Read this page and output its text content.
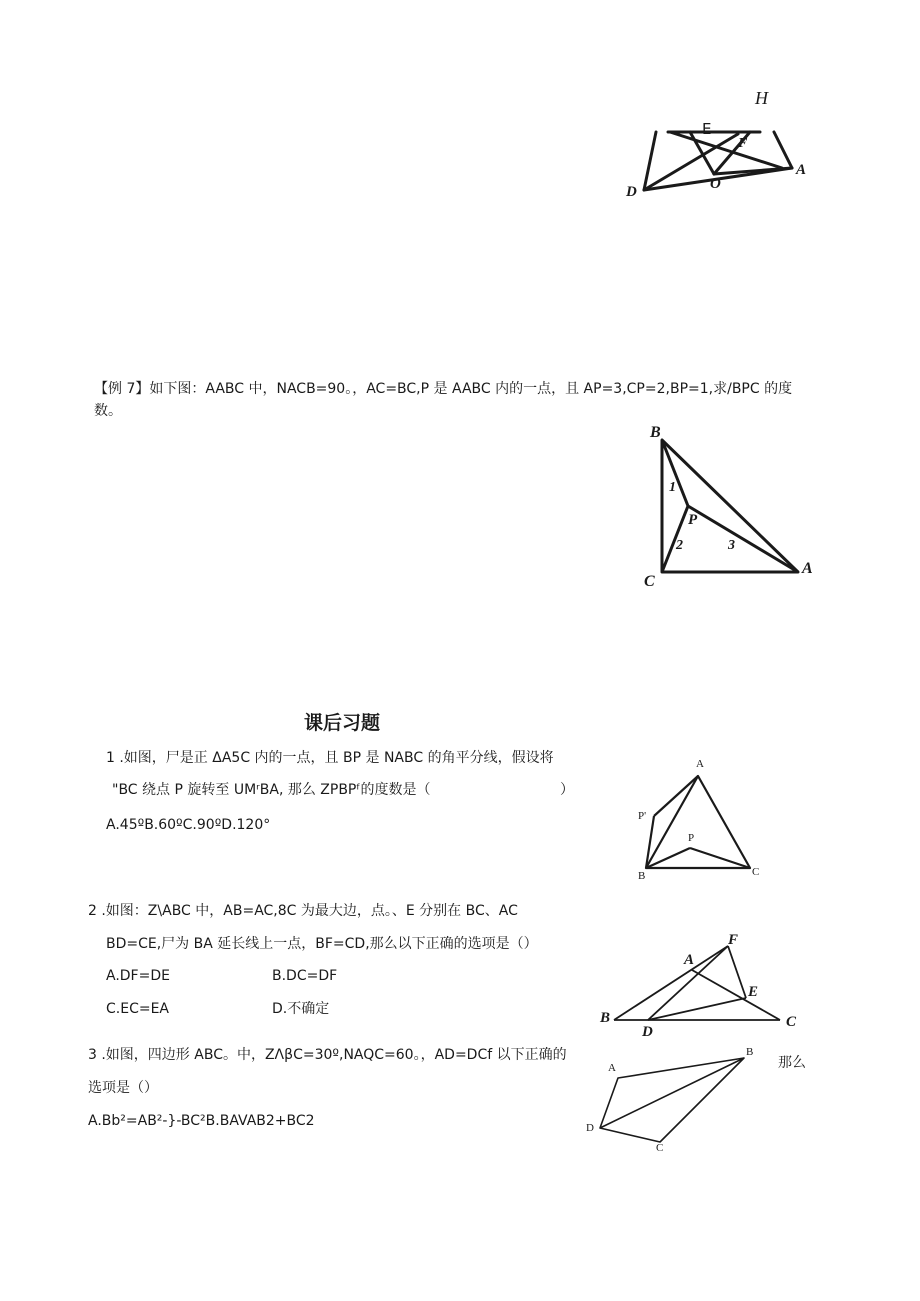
H
E
F
D	O
A
【例 7】如下图：AABC 中，NACB=90。，AC=BC,P 是 AABC 内的一点，且 AP=3,CP=2,BP=1,求/BPC 的度
数。
B
C
A
P
1
2	3
课后习题
1 .如图，尸是正 ΔA5C 内的一点，且 BP 是 NABC 的角平分线，假设将
"BC 绕点 P 旋转至 UMʳBA, 那么 ZPBPᶠ的度数是（	）
A.45ºB.60ºC.90ºD.120°
A
P'
P
B	C
2 .如图：Z\ABC 中，AB=AC,8C 为最大边，点。、E 分别在 BC、AC
BD=CE,尸为 BA 延长线上一点，BF=CD,那么以下正确的选项是（）
A.DF=DE	B.DC=DF
C.EC=EA	D.不确定
F
A
E
B
D
C
3 .如图，四边形 ABC。中，ZΛβC=30º,NAQC=60。，AD=DCf 以下正确的
选项是（）
A.Bb²=AB²-}-BC²B.BAVAB2+BC2
那么
A
B
D
C
